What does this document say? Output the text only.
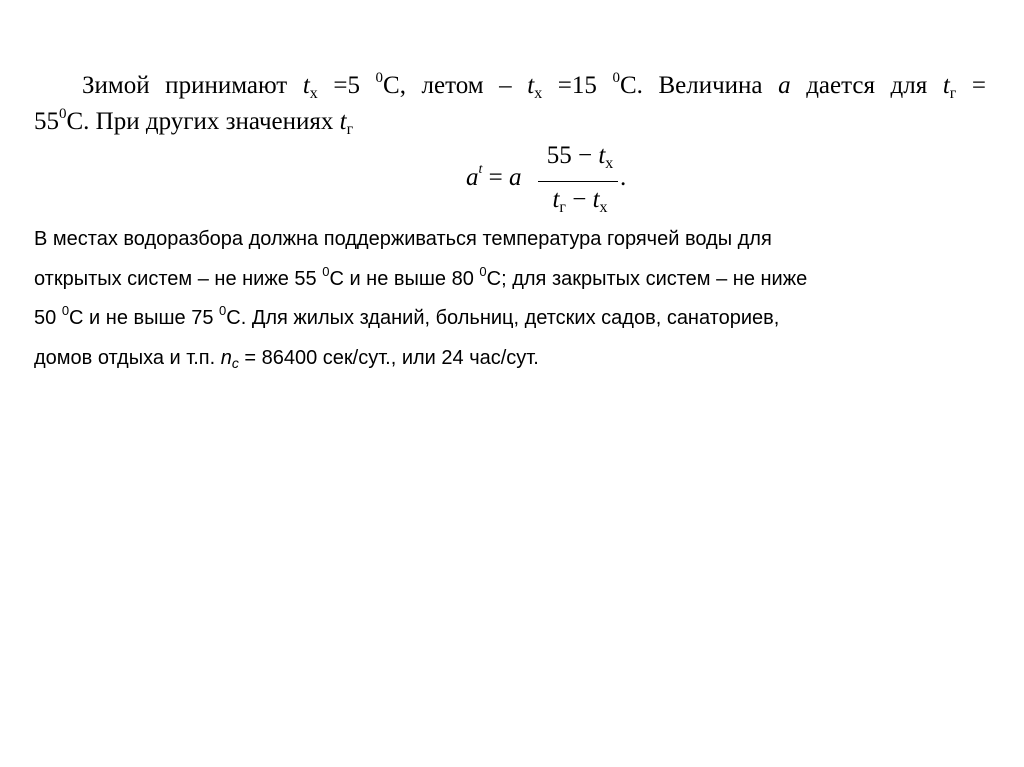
Зимой принимают $t_х =5$ $^0$С, летом – $t_х =15$ $^0$С. Величина a дается для $t_г$ =
$55^0С$. При других значениях $t_г$
$a^t = a$
$55 - t_х$
$t_г - t_х$
.
В местах водоразбора должна поддерживаться температура горячей воды для
открытых систем – не ниже 55 $^0$С и не выше 80 $^0$С; для закрытых систем – не ниже
50 $^0$С и не выше 75 $^0$С. Для жилых зданий, больниц, детских садов, санаториев,
домов отдыха и т.п. $n_c = 86400$ сек/сут., или 24 час/сут.
